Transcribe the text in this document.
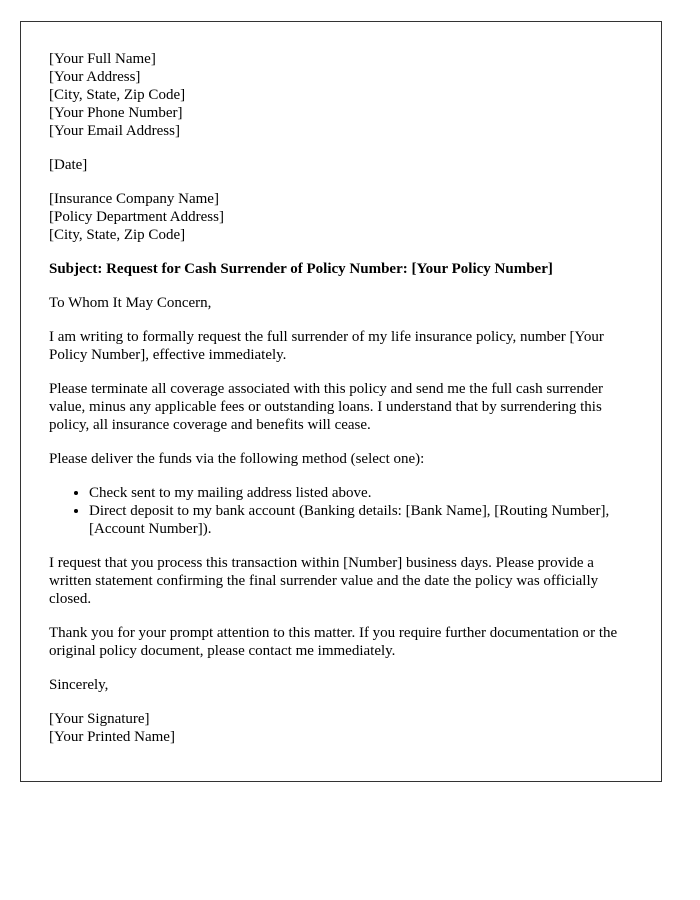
[Your Full Name]
[Your Address]
[City, State, Zip Code]
[Your Phone Number]
[Your Email Address]

[Date]

[Insurance Company Name]
[Policy Department Address]
[City, State, Zip Code]

Subject: Request for Cash Surrender of Policy Number: [Your Policy Number]

To Whom It May Concern,

I am writing to formally request the full surrender of my life insurance policy, number [Your Policy Number], effective immediately.

Please terminate all coverage associated with this policy and send me the full cash surrender value, minus any applicable fees or outstanding loans. I understand that by surrendering this policy, all insurance coverage and benefits will cease.

Please deliver the funds via the following method (select one):

• Check sent to my mailing address listed above.
• Direct deposit to my bank account (Banking details: [Bank Name], [Routing Number], [Account Number]).

I request that you process this transaction within [Number] business days. Please provide a written statement confirming the final surrender value and the date the policy was officially closed.

Thank you for your prompt attention to this matter. If you require further documentation or the original policy document, please contact me immediately.

Sincerely,

[Your Signature]
[Your Printed Name]
